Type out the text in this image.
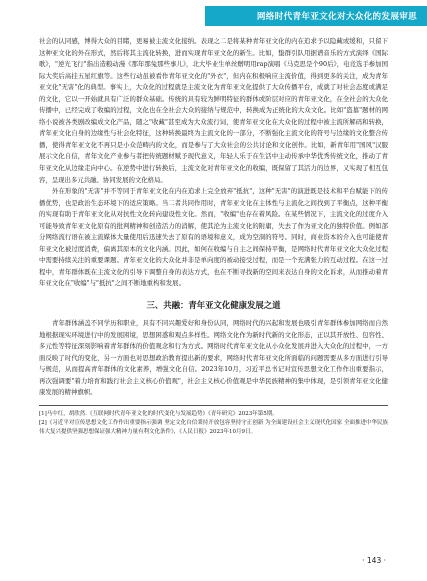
网络时代青年亚文化对大众化的发展审思

社会的认同感，博得大众的目睹，更易被主流文化接纳。表现之二是将某种青年亚文化的内在追求予以隐藏或缓和，只留下这种亚文化的外在形式，然后将其主流化转换，进而实现青年亚文化的新生。比如，蛰群引队用据谱音乐的方式演绎《国际歌》，"逆光飞行"指出造粮动漫《那年那兔那些事儿》，北大毕业生单丝赠明用rap演唱《马克思是个90后》，电竞选手参加国际大奖后高挂五星红旗等。这些行动虽被看作青年亚文化的"外衣"，但内在积极响应主流价值，得到更多的关注，成为青年亚文化"无害"化的典型。事实上，大众化的过程就是主流文化为青年亚文化提供了大众传播平台，成就了对社会态度或满足的文化，它以一开始就具有广泛的群众基础。传统的具有较为鲜明特征的群体或阶层对应的青年亚文化，在全社会的大众化传播中，已经完成了收编的过程，文化也在全社会大众的接纳与规范中，转换成为正统化的大众文化。比如"盗墓"题材的网络小说被各类剧改编成文化产品，随之"收藏"甚至成为大众流行词，使青年亚文化在大众化的过程中被主流所解码和转换，青年亚文化自身的边缘性与社会化特征，这种转换最终为主流文化的一部分，不断强化主流文化的符号与边缘的文化整合传播，使得青年亚文化不再只是小众范畴内的文化，而是参与了大众社会的公共讨论和文化创作。比如，新青年用"国风"汉服展示文化自信，青年文化产业参与者把传统题材赋予现代意义，年轻人乐于在生活中主动传承中华优秀传统文化，推动了青年亚文化从边缘走向中心。在逆势中进行转换后，主流文化对青年亚文化的收编，既保留了其活力的边界，又实现了相互包容，呈现出多元共融、协同发展的文化格局。

外在形象的"无害"并不等同于青年亚文化在内在追求上完全放弃"抵抗"，这种"无害"的演进既是技术和平台赋能下的传播优势，也是政治生态环境下的适应策略。当二者共同作用时，青年亚文化在主体性与主流化之间找到了平衡点，这种平衡的实现有助于青年亚文化从对抗性文化转向建设性文化。然而，"收编"也存在着风险。在某些情况下，主流文化的过度介入可能导致青年亚文化原有的批判精神和创造活力的消解，使其沦为主流文化的附庸，失去了作为亚文化的独特价值。例如部分网络流行语在被主流媒体大量使用后迅速失去了原有的语境和意义，成为空洞的符号。同时，商业资本的介入也可能使青年亚文化被过度消费，偏离其原本的文化内涵。因此，如何在收编与自主之间保持平衡，是网络时代青年亚文化大众化过程中需要持续关注的重要课题。青年亚文化的大众化并非是单向度的被动接受过程，而是一个充满张力的互动过程。在这一过程中，青年群体既在主流文化的引导下调整自身的表达方式，也在不断寻找新的空间来表达自身的文化诉求，从而推动着青年亚文化在"收编"与"抵抗"之间不断地重构和发展。

三、共融：青年亚文化健康发展之道

青年群体涵盖不同学历和职业，具有不同兴趣爱好和身份认同，网络时代的兴起和发展也吸引青年群体参加网络而自然地根据现实环境进行中的发展困境，思想困惑和观点多样性。网络文化作为新时代新的文化形态，正以其开放性、包容性、多元性等特征深刻影响着青年群体的价值观念和行为方式。网络时代青年亚文化从小众化发展并进入大众化的过程中，一方面反映了时代的变化，另一方面也对思想政治教育提出新的要求，网络时代青年亚文化所面临的问题需要从多方面进行引导与规范，从而提高青年群体的文化素养，增强文化自信。2023年10月，习近平总书记对宣传思想文化工作作出重要指示，再次强调要"着力培育和践行社会主义核心价值观"，社会主义核心价值观是中华民族精神的集中体现，是引领青年亚文化健康发展的精神旗帜。

[1]马中红，胡欣然.《互联网时代青年亚文化的时代变化与发展趋势》《青年研究》2023年第5期。

[2]《习近平对宣传思想文化工作作出重要指示强调 坚定文化自信秉持开放包容坚持守正创新 为全面建设社会主义现代化国家 全面推进中华民族伟大复兴提供坚强思想保证强大精神力量有利文化条件》，《人民日报》2023年10月9日。

· 143 ·
